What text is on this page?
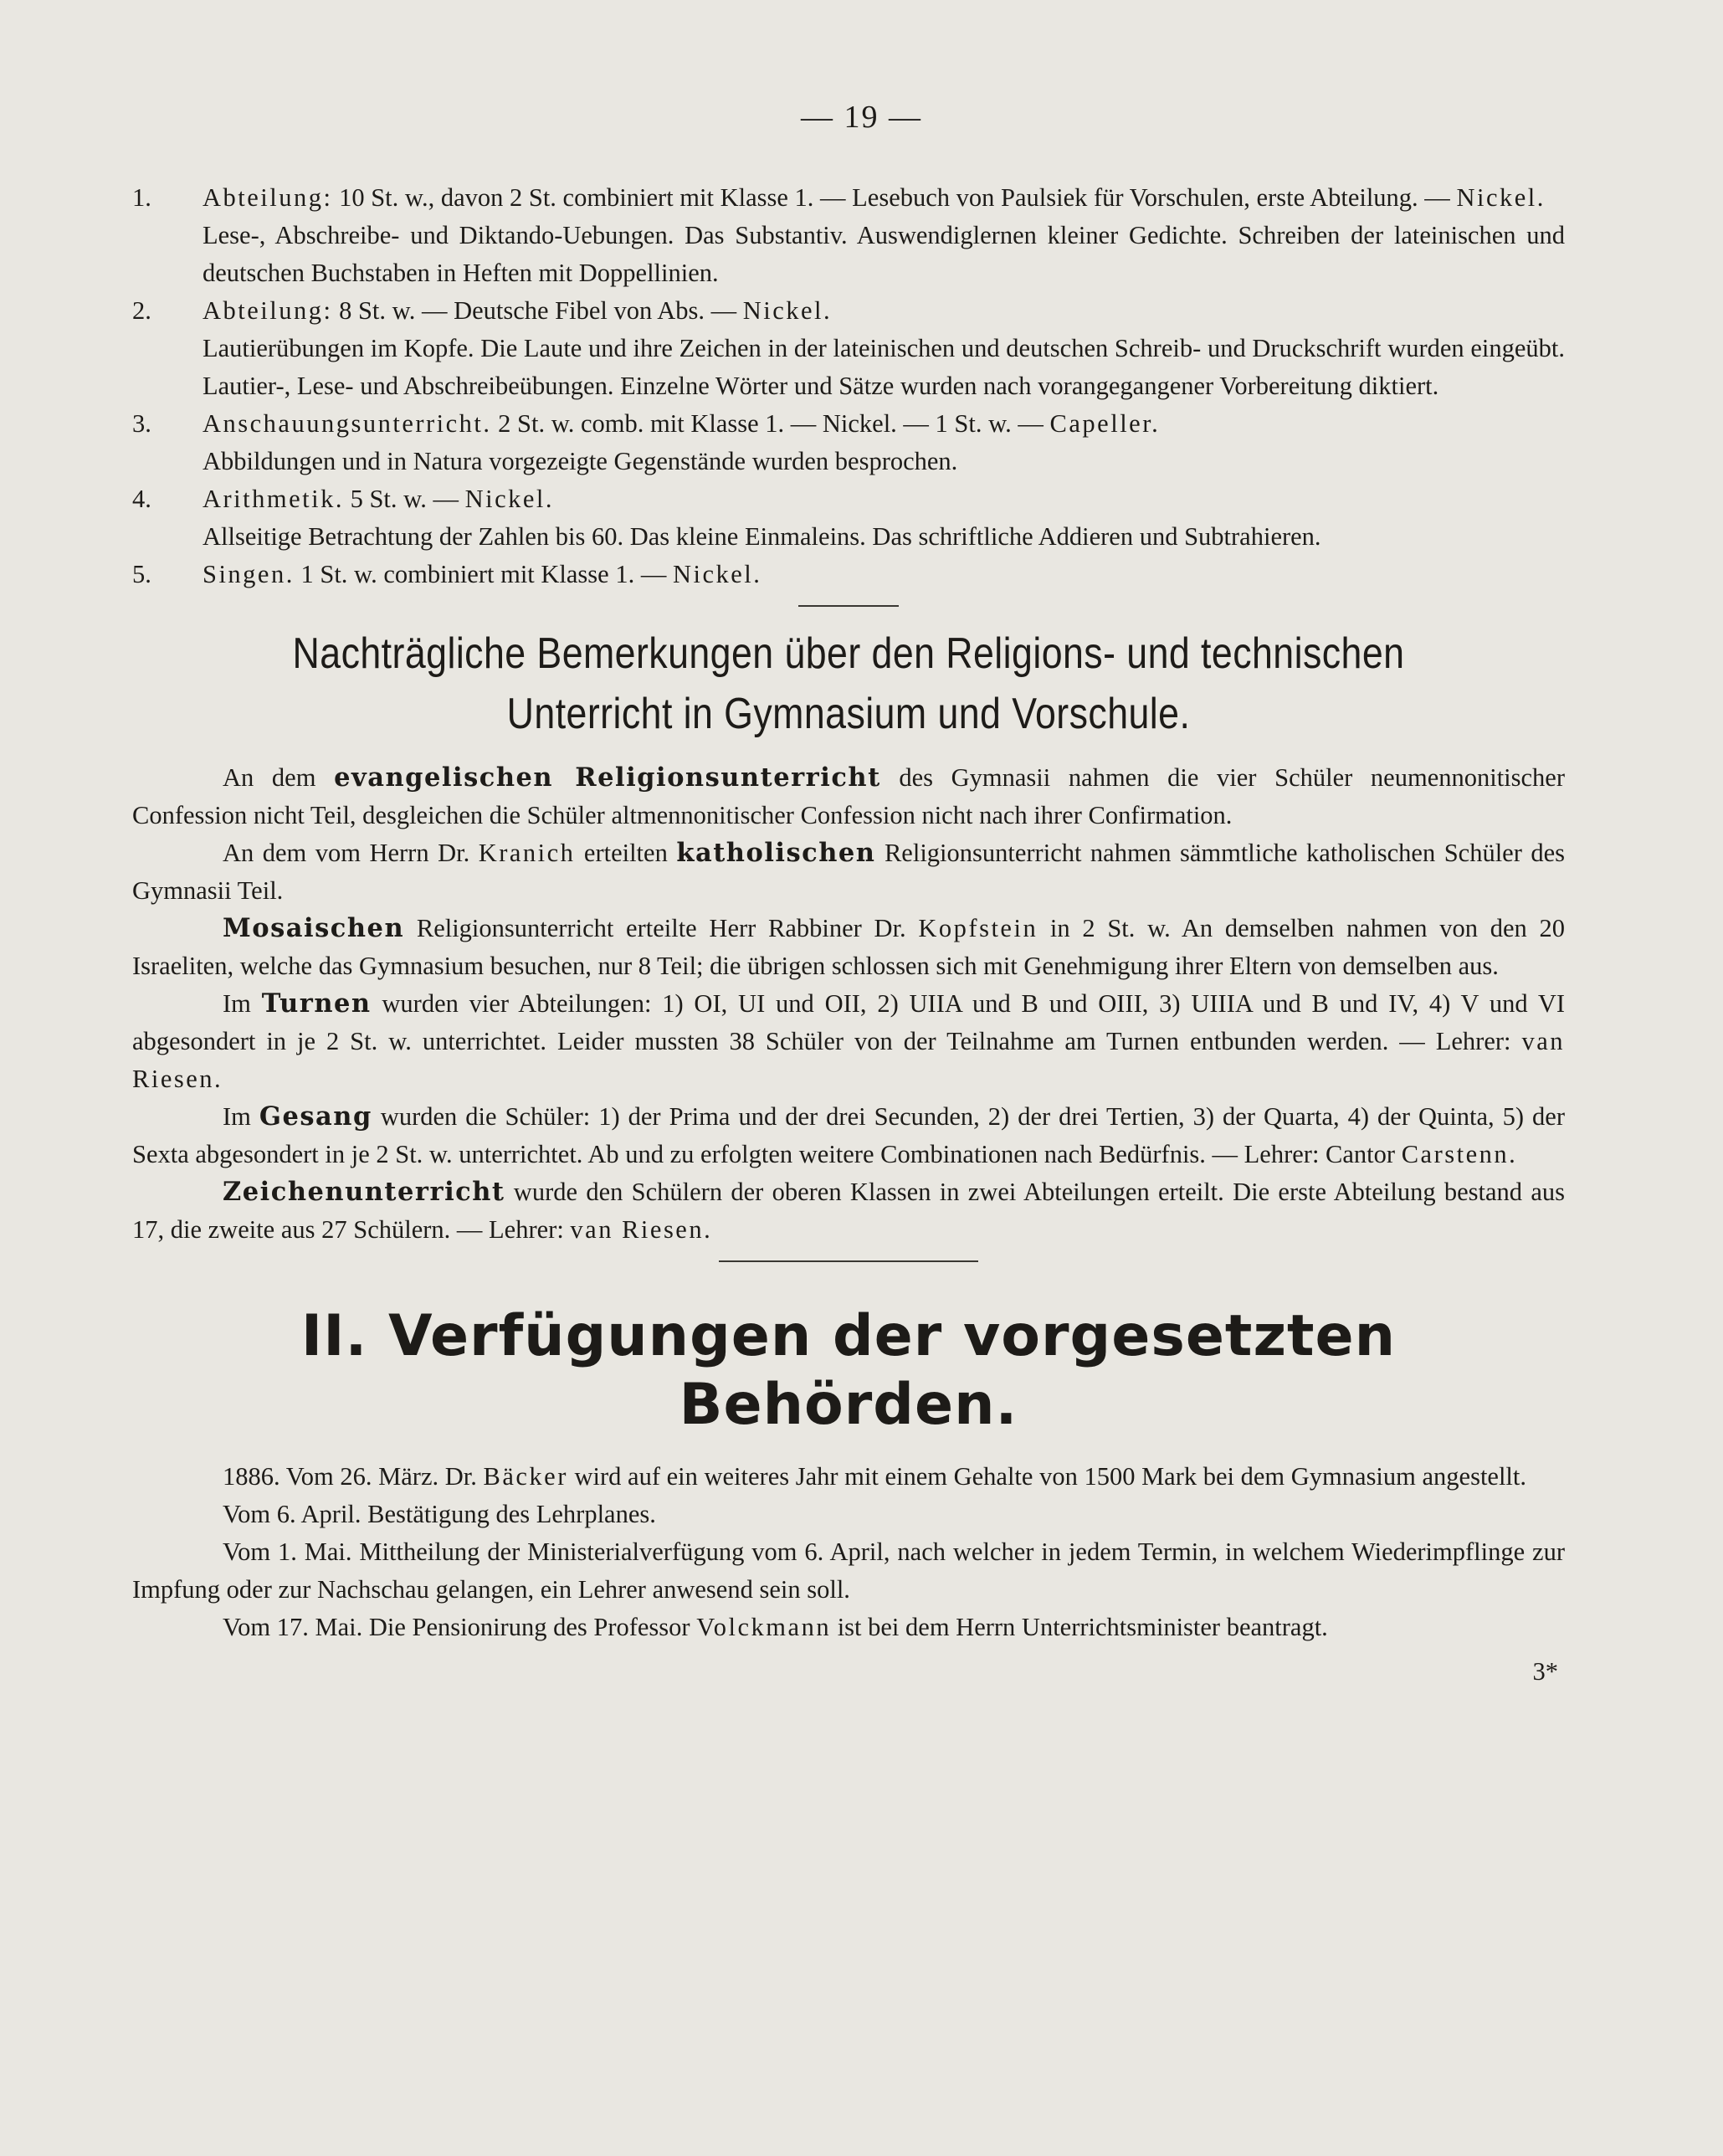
— 19 —

1. Abteilung: 10 St. w., davon 2 St. combiniert mit Klasse 1. — Lesebuch von Paulsiek für Vorschulen, erste Abteilung. — Nickel.

Lese-, Abschreibe- und Diktando-Uebungen. Das Substantiv. Auswendiglernen kleiner Gedichte. Schreiben der lateinischen und deutschen Buchstaben in Heften mit Doppellinien.

2. Abteilung: 8 St. w. — Deutsche Fibel von Abs. — Nickel.

Lautierübungen im Kopfe. Die Laute und ihre Zeichen in der lateinischen und deutschen Schreib- und Druckschrift wurden eingeübt. Lautier-, Lese- und Abschreibeübungen. Einzelne Wörter und Sätze wurden nach vorangegangener Vorbereitung diktiert.

3. Anschauungsunterricht. 2 St. w. comb. mit Klasse 1. — Nickel. — 1 St. w. — Capeller.

Abbildungen und in Natura vorgezeigte Gegenstände wurden besprochen.

4. Arithmetik. 5 St. w. — Nickel.

Allseitige Betrachtung der Zahlen bis 60. Das kleine Einmaleins. Das schriftliche Addieren und Subtrahieren.

5. Singen. 1 St. w. combiniert mit Klasse 1. — Nickel.

Nachträgliche Bemerkungen über den Religions- und technischen Unterricht in Gymnasium und Vorschule.

An dem evangelischen Religionsunterricht des Gymnasii nahmen die vier Schüler neumennonitischer Confession nicht Teil, desgleichen die Schüler altmennonitischer Confession nicht nach ihrer Confirmation.

An dem vom Herrn Dr. Kranich erteilten katholischen Religionsunterricht nahmen sämmtliche katholischen Schüler des Gymnasii Teil.

Mosaischen Religionsunterricht erteilte Herr Rabbiner Dr. Kopfstein in 2 St. w. An demselben nahmen von den 20 Israeliten, welche das Gymnasium besuchen, nur 8 Teil; die übrigen schlossen sich mit Genehmigung ihrer Eltern von demselben aus.

Im Turnen wurden vier Abteilungen: 1) OI, UI und OII, 2) UIIA und B und OIII, 3) UIIIA und B und IV, 4) V und VI abgesondert in je 2 St. w. unterrichtet. Leider mussten 38 Schüler von der Teilnahme am Turnen entbunden werden. — Lehrer: van Riesen.

Im Gesang wurden die Schüler: 1) der Prima und der drei Secunden, 2) der drei Tertien, 3) der Quarta, 4) der Quinta, 5) der Sexta abgesondert in je 2 St. w. unterrichtet. Ab und zu erfolgten weitere Combinationen nach Bedürfnis. — Lehrer: Cantor Carstenn.

Zeichenunterricht wurde den Schülern der oberen Klassen in zwei Abteilungen erteilt. Die erste Abteilung bestand aus 17, die zweite aus 27 Schülern. — Lehrer: van Riesen.

II. Verfügungen der vorgesetzten Behörden.

1886. Vom 26. März. Dr. Bäcker wird auf ein weiteres Jahr mit einem Gehalte von 1500 Mark bei dem Gymnasium angestellt.

Vom 6. April. Bestätigung des Lehrplanes.

Vom 1. Mai. Mittheilung der Ministerialverfügung vom 6. April, nach welcher in jedem Termin, in welchem Wiederimpflinge zur Impfung oder zur Nachschau gelangen, ein Lehrer anwesend sein soll.

Vom 17. Mai. Die Pensionirung des Professor Volckmann ist bei dem Herrn Unterrichtsminister beantragt.

3*
